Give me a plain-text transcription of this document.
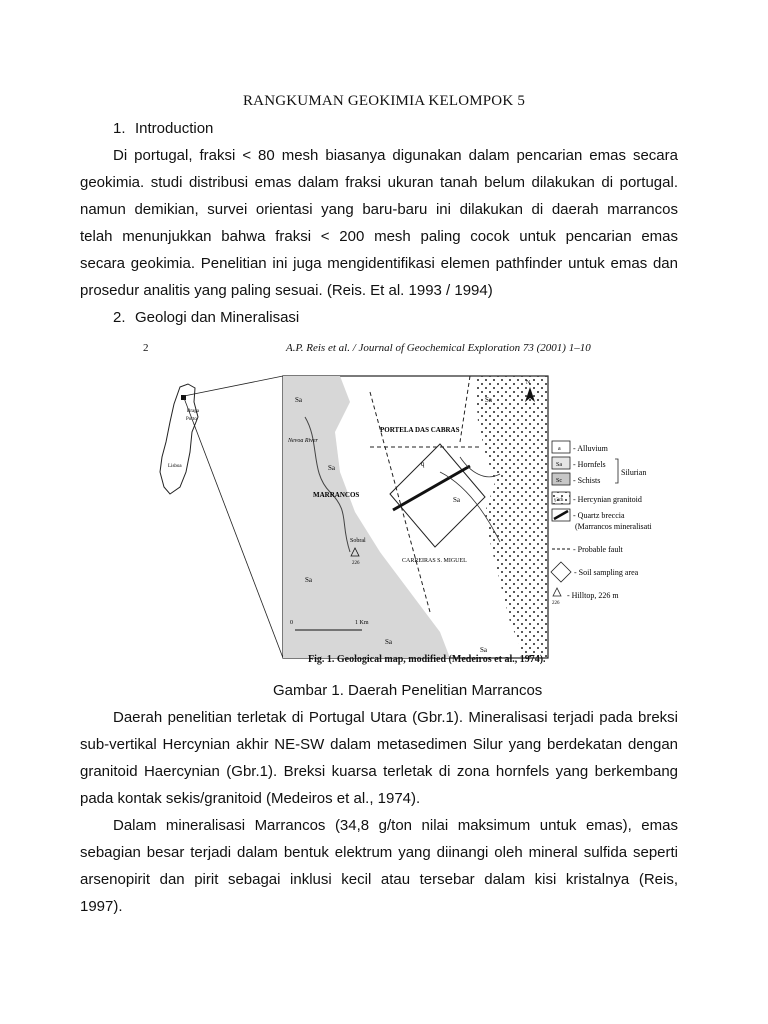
RANGKUMAN GEOKIMIA KELOMPOK 5
1. Introduction
Di portugal, fraksi < 80 mesh biasanya digunakan dalam pencarian emas secara
geokimia. studi distribusi emas dalam fraksi ukuran tanah belum dilakukan di portugal.
namun demikian, survei orientasi yang baru-baru ini dilakukan di daerah marrancos
telah menunjukkan bahwa fraksi < 200 mesh paling cocok untuk pencarian emas
secara geokimia. Penelitian ini juga mengidentifikasi elemen pathfinder untuk emas dan
prosedur analitis yang paling sesuai. (Reis. Et al. 1993 / 1994)
2. Geologi dan Mineralisasi
2	A.P. Reis et al. / Journal of Geochemical Exploration 73 (2001) 1–10
Braga
Porto
Lisboa
N
Sa
Sa
Sa
Sa
Sa
Sa
Sa
Nevoa River
PORTELA DAS CABRAS
MARRANCOS
Sobral
226	CARREIRAS S. MIGUEL
q
0	1 Km
a - Alluvium
Sa - Hornfels
Sc - Schists
Silurian
γ3ch - Hercynian granitoid
- Quartz breccia
(Marrancos mineralisati
- Probable fault
- Soil sampling area
226
- Hilltop, 226 m
Fig. 1. Geological map, modified (Medeiros et al., 1974).
Gambar 1. Daerah Penelitian Marrancos
Daerah penelitian terletak di Portugal Utara (Gbr.1). Mineralisasi terjadi pada breksi
sub-vertikal Hercynian akhir NE-SW dalam metasedimen Silur yang berdekatan dengan
granitoid Haercynian (Gbr.1). Breksi kuarsa terletak di zona hornfels yang berkembang
pada kontak sekis/granitoid (Medeiros et al., 1974).
Dalam mineralisasi Marrancos (34,8 g/ton nilai maksimum untuk emas), emas
sebagian besar terjadi dalam bentuk elektrum yang diinangi oleh mineral sulfida seperti
arsenopirit dan pirit sebagai inklusi kecil atau tersebar dalam kisi kristalnya (Reis,
1997).
